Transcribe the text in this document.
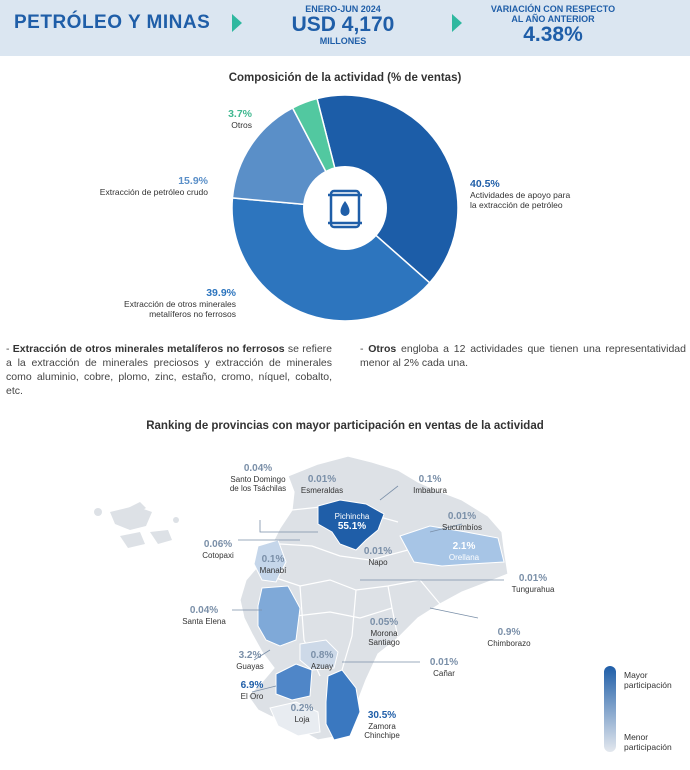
PETRÓLEO Y MINAS
ENERO-JUN 2024
USD 4,170
MILLONES
VARIACIÓN CON RESPECTO
AL AÑO ANTERIOR
4.38%
Composición de la actividad (% de ventas)
40.5%
Actividades de apoyo para
la extracción de petróleo
39.9%
Extracción de otros minerales
metalíferos no ferrosos
15.9%
Extracción de petróleo crudo
3.7%
Otros
- Extracción de otros minerales metalíferos no ferrosos se refiere a la extracción de minerales preciosos y extracción de minerales como aluminio, cobre, plomo, zinc, estaño, cromo, níquel, cobalto, etc.
- Otros engloba a 12 actividades que tienen una representatividad menor al 2% cada una.
Ranking de provincias con mayor participación en ventas de la actividad
Pichincha
55.1%
0.04%
Santo Domingo
de los Tsáchilas
0.01%
Esmeraldas
0.1%
Imbabura
0.01%
Sucumbíos
0.06%
Cotopaxi	0.1%
Manabí
0.01%
Napo
2.1%
Orellana
0.01%
Tungurahua
0.04%
Santa Elena	0.05%
Morona
Santiago
0.9%
Chimborazo
3.2%
Guayas
0.8%
Azuay	0.01%
Cañar
6.9%
El Oro
0.2%
Loja	30.5%
Zamora
Chinchipe
Mayor
participación
Menor
participación
